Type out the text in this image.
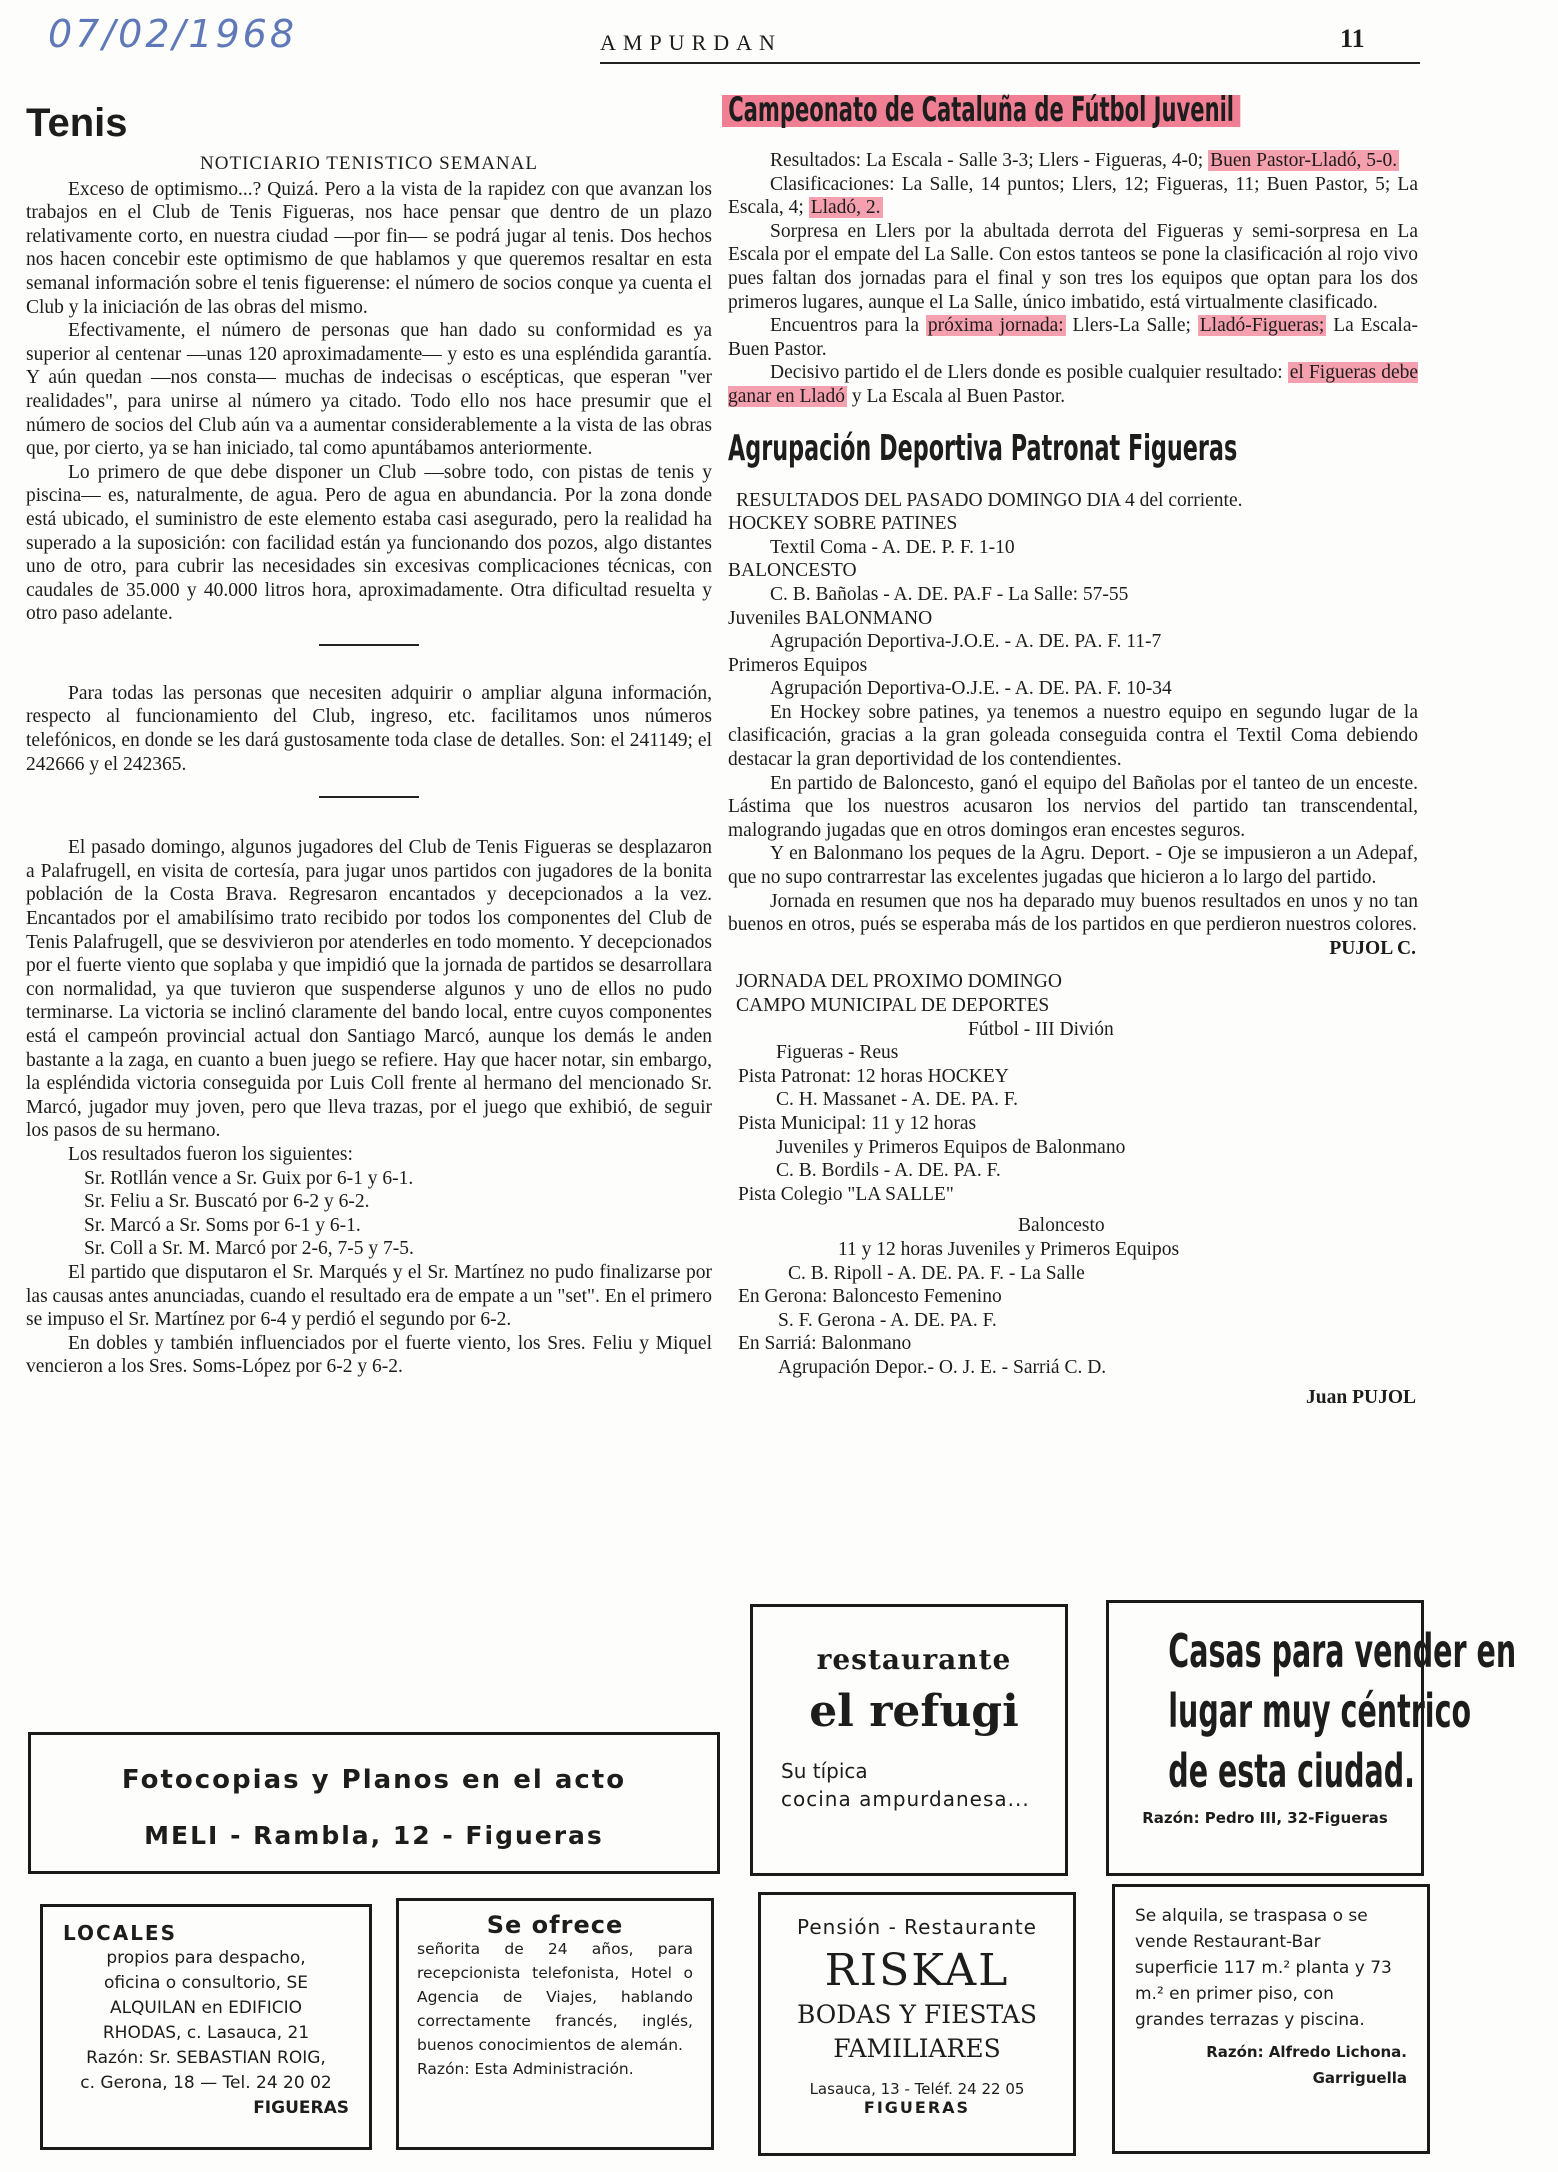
07/02/1968	AMPURDAN	11
Tenis
NOTICIARIO TENISTICO SEMANAL

Exceso de optimismo...? Quizá. Pero a la vista de la rapidez con que avanzan los trabajos en el Club de Tenis Figueras, nos hace pensar que dentro de un plazo relativamente corto, en nuestra ciudad —por fin— se podrá jugar al tenis. Dos hechos nos hacen concebir este optimismo de que hablamos y que queremos resaltar en esta semanal información sobre el tenis figuerense: el número de socios conque ya cuenta el Club y la iniciación de las obras del mismo.

Efectivamente, el número de personas que han dado su conformidad es ya superior al centenar —unas 120 aproximadamente— y esto es una espléndida garantía. Y aún quedan —nos consta— muchas de indecisas o escépticas, que esperan "ver realidades", para unirse al número ya citado. Todo ello nos hace presumir que el número de socios del Club aún va a aumentar considerablemente a la vista de las obras que, por cierto, ya se han iniciado, tal como apuntábamos anteriormente.

Lo primero de que debe disponer un Club —sobre todo, con pistas de tenis y piscina— es, naturalmente, de agua. Pero de agua en abundancia. Por la zona donde está ubicado, el suministro de este elemento estaba casi asegurado, pero la realidad ha superado a la suposición: con facilidad están ya funcionando dos pozos, algo distantes uno de otro, para cubrir las necesidades sin excesivas complicaciones técnicas, con caudales de 35.000 y 40.000 litros hora, aproximadamente. Otra dificultad resuelta y otro paso adelante.

Para todas las personas que necesiten adquirir o ampliar alguna información, respecto al funcionamiento del Club, ingreso, etc. facilitamos unos números telefónicos, en donde se les dará gustosamente toda clase de detalles. Son: el 241149; el 242666 y el 242365.

El pasado domingo, algunos jugadores del Club de Tenis Figueras se desplazaron a Palafrugell, en visita de cortesía, para jugar unos partidos con jugadores de la bonita población de la Costa Brava. Regresaron encantados y decepcionados a la vez. Encantados por el amabilísimo trato recibido por todos los componentes del Club de Tenis Palafrugell, que se desvivieron por atenderles en todo momento. Y decepcionados por el fuerte viento que soplaba y que impidió que la jornada de partidos se desarrollara con normalidad, ya que tuvieron que suspenderse algunos y uno de ellos no pudo terminarse. La victoria se inclinó claramente del bando local, entre cuyos componentes está el campeón provincial actual don Santiago Marcó, aunque los demás le anden bastante a la zaga, en cuanto a buen juego se refiere. Hay que hacer notar, sin embargo, la espléndida victoria conseguida por Luis Coll frente al hermano del mencionado Sr. Marcó, jugador muy joven, pero que lleva trazas, por el juego que exhibió, de seguir los pasos de su hermano.

Los resultados fueron los siguientes:

Sr. Rotllán vence a Sr. Guix por 6-1 y 6-1.

Sr. Feliu a Sr. Buscató por 6-2 y 6-2.

Sr. Marcó a Sr. Soms por 6-1 y 6-1.

Sr. Coll a Sr. M. Marcó por 2-6, 7-5 y 7-5.

El partido que disputaron el Sr. Marqués y el Sr. Martínez no pudo finalizarse por las causas antes anunciadas, cuando el resultado era de empate a un "set". En el primero se impuso el Sr. Martínez por 6-4 y perdió el segundo por 6-2.

En dobles y también influenciados por el fuerte viento, los Sres. Feliu y Miquel vencieron a los Sres. Soms-López por 6-2 y 6-2.

Campeonato de Cataluña de Fútbol Juvenil

Resultados: La Escala - Salle 3-3; Llers - Figueras, 4-0; Buen Pastor-Lladó, 5-0.

Clasificaciones: La Salle, 14 puntos; Llers, 12; Figueras, 11; Buen Pastor, 5; La Escala, 4; Lladó, 2.

Sorpresa en Llers por la abultada derrota del Figueras y semi-sorpresa en La Escala por el empate del La Salle. Con estos tanteos se pone la clasificación al rojo vivo pues faltan dos jornadas para el final y son tres los equipos que optan para los dos primeros lugares, aunque el La Salle, único imbatido, está virtualmente clasificado.

Encuentros para la próxima jornada: Llers-La Salle; Lladó-Figueras; La Escala-Buen Pastor.

Decisivo partido el de Llers donde es posible cualquier resultado: el Figueras debe ganar en Lladó y La Escala al Buen Pastor.

Agrupación Deportiva Patronat Figueras

RESULTADOS DEL PASADO DOMINGO DIA 4 del corriente.

HOCKEY SOBRE PATINES

Textil Coma - A. DE. P. F. 1-10

BALONCESTO

C. B. Bañolas - A. DE. PA.F - La Salle: 57-55

Juveniles BALONMANO

Agrupación Deportiva-J.O.E. - A. DE. PA. F. 11-7

Primeros Equipos

Agrupación Deportiva-O.J.E. - A. DE. PA. F. 10-34

En Hockey sobre patines, ya tenemos a nuestro equipo en segundo lugar de la clasificación, gracias a la gran goleada conseguida contra el Textil Coma debiendo destacar la gran deportividad de los contendientes.

En partido de Baloncesto, ganó el equipo del Bañolas por el tanteo de un enceste. Lástima que los nuestros acusaron los nervios del partido tan transcendental, malogrando jugadas que en otros domingos eran encestes seguros.

Y en Balonmano los peques de la Agru. Deport. - Oje se impusieron a un Adepaf, que no supo contrarrestar las excelentes jugadas que hicieron a lo largo del partido.

Jornada en resumen que nos ha deparado muy buenos resultados en unos y no tan buenos en otros, pués se esperaba más de los partidos en que perdieron nuestros colores.

PUJOL C.

JORNADA DEL PROXIMO DOMINGO

CAMPO MUNICIPAL DE DEPORTES

Fútbol - III Divión

Figueras - Reus
Pista Patronat: 12 horas HOCKEY
C. H. Massanet - A. DE. PA. F.
Pista Municipal: 11 y 12 horas
Juveniles y Primeros Equipos de Balonmano
C. B. Bordils - A. DE. PA. F.
Pista Colegio "LA SALLE"
Baloncesto
11 y 12 horas Juveniles y Primeros Equipos
C. B. Ripoll - A. DE. PA. F. - La Salle
En Gerona: Baloncesto Femenino
S. F. Gerona - A. DE. PA. F.
En Sarriá: Balonmano
Agrupación Depor.- O. J. E. - Sarriá C. D.
Juan PUJOL
Fotocopias y Planos en el acto
MELI - Rambla, 12 - Figueras
restaurante
el refugi
Su típica
cocina ampurdanesa...
Casas para vender en
lugar muy céntrico
de esta ciudad.
Razón: Pedro III, 32-Figueras
LOCALES
propios para despacho,
oficina o consultorio, SE
ALQUILAN en EDIFICIO
RHODAS, c. Lasauca, 21
Razón: Sr. SEBASTIAN ROIG,
c. Gerona, 18 — Tel. 24 20 02
FIGUERAS
Se ofrece
señorita de 24 años, para recepcionista telefonista, Hotel o Agencia de Viajes, hablando correctamente francés, inglés, buenos conocimientos de alemán.
Razón: Esta Administración.
Pensión - Restaurante
RISKAL
BODAS Y FIESTAS
FAMILIARES
Lasauca, 13 - Teléf. 24 22 05
FIGUERAS
Se alquila, se traspasa o se vende Restaurant-Bar superficie 117 m.² planta y 73 m.² en primer piso, con grandes terrazas y piscina.
Razón: Alfredo Lichona. Garriguella
